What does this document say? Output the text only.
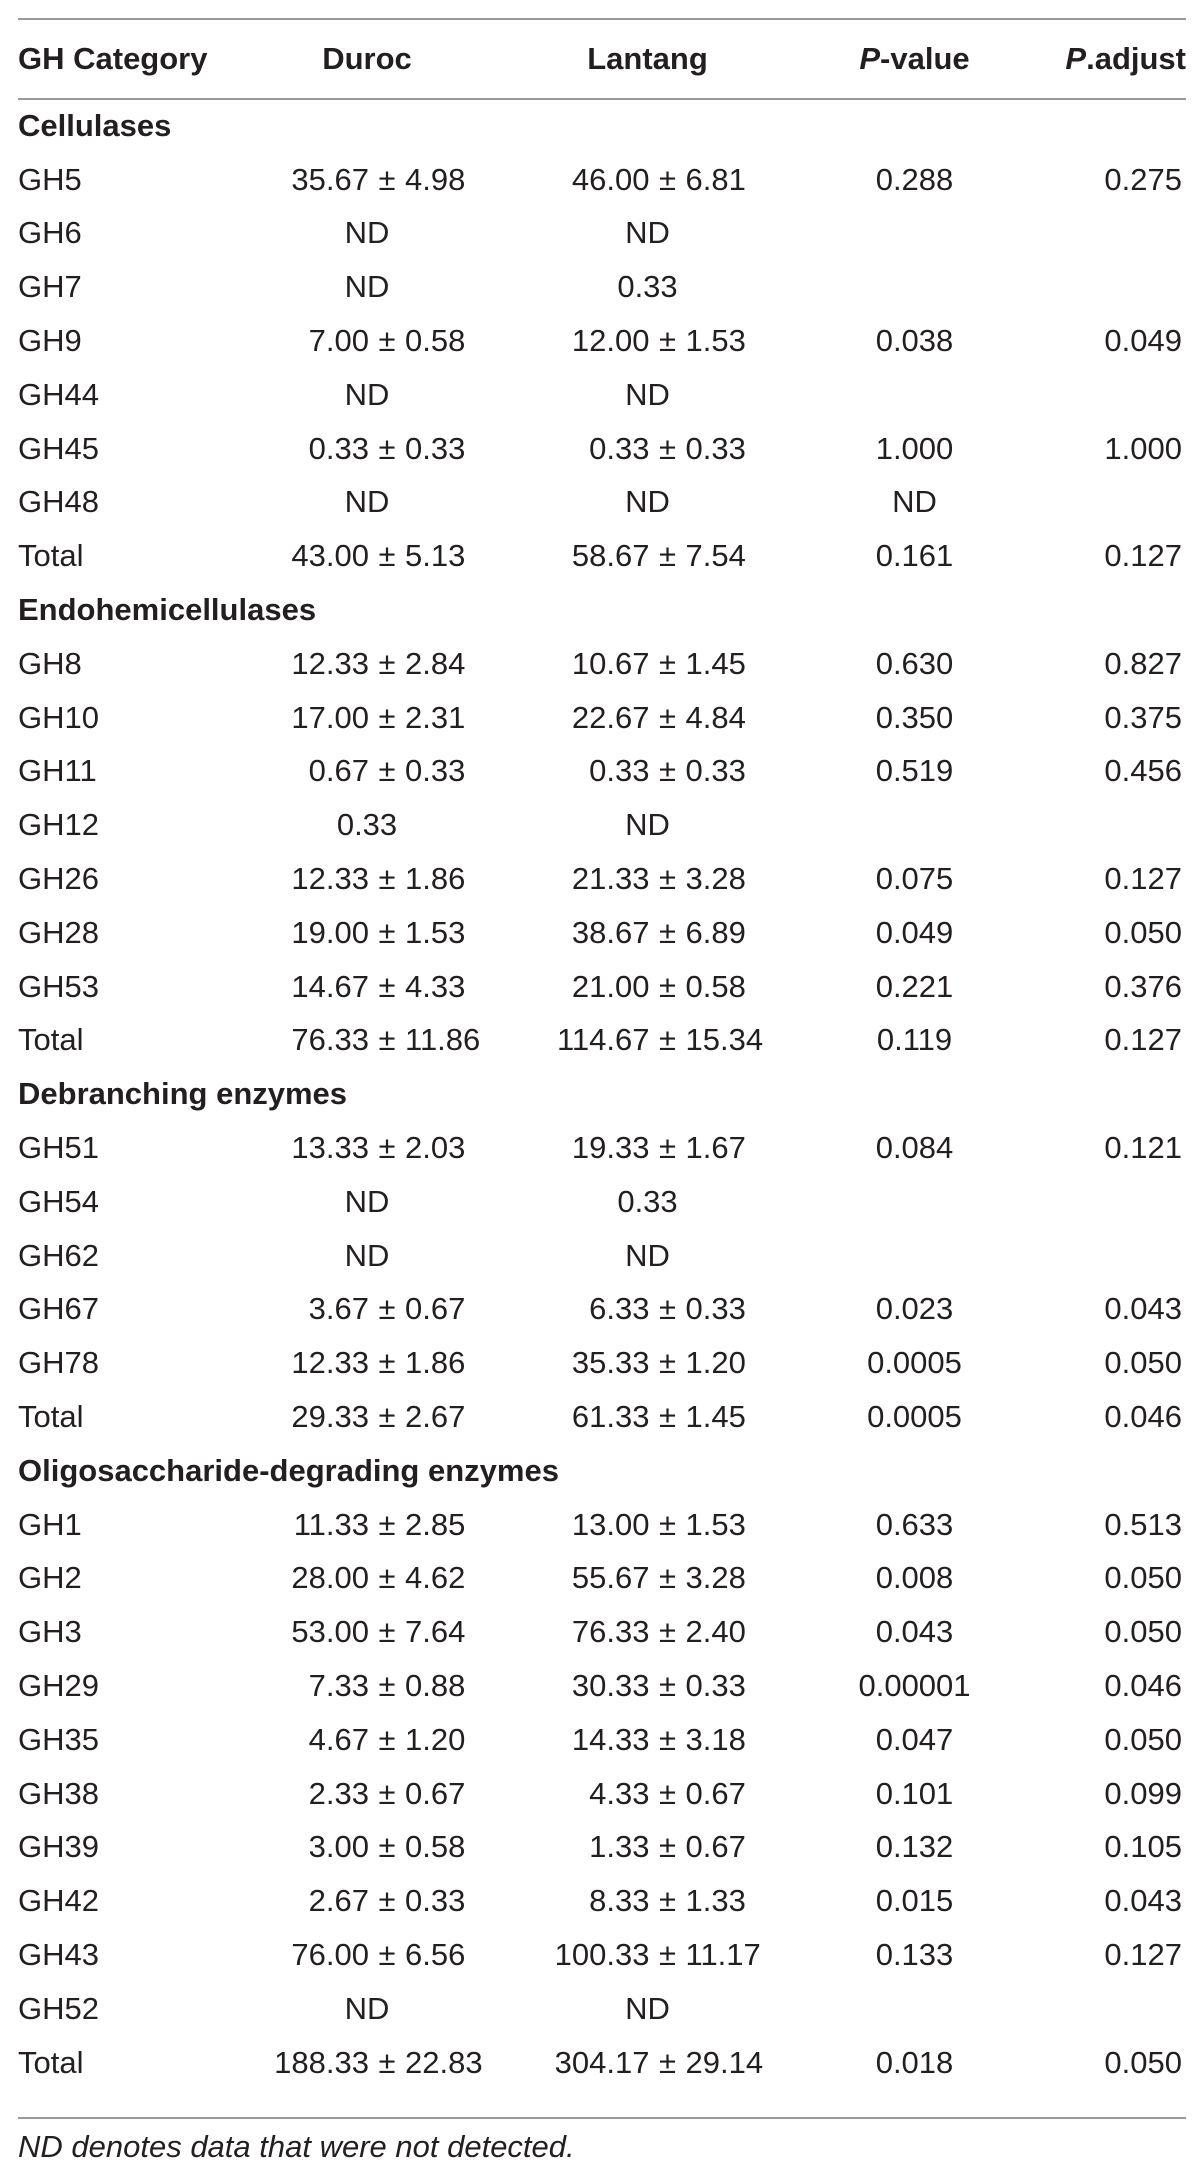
GH Category	Duroc	Lantang	P-value	P.adjust
Cellulases				
GH5	35.67 ± 4.98	46.00 ± 6.81	0.288	0.275
GH6	ND	ND		
GH7	ND	0.33		
GH9	7.00 ± 0.58	12.00 ± 1.53	0.038	0.049
GH44	ND	ND		
GH45	0.33 ± 0.33	0.33 ± 0.33	1.000	1.000
GH48	ND	ND	ND	
Total	43.00 ± 5.13	58.67 ± 7.54	0.161	0.127
Endohemicellulases				
GH8	12.33 ± 2.84	10.67 ± 1.45	0.630	0.827
GH10	17.00 ± 2.31	22.67 ± 4.84	0.350	0.375
GH11	0.67 ± 0.33	0.33 ± 0.33	0.519	0.456
GH12	0.33	ND		
GH26	12.33 ± 1.86	21.33 ± 3.28	0.075	0.127
GH28	19.00 ± 1.53	38.67 ± 6.89	0.049	0.050
GH53	14.67 ± 4.33	21.00 ± 0.58	0.221	0.376
Total	76.33 ± 11.86	114.67 ± 15.34	0.119	0.127
Debranching enzymes				
GH51	13.33 ± 2.03	19.33 ± 1.67	0.084	0.121
GH54	ND	0.33		
GH62	ND	ND		
GH67	3.67 ± 0.67	6.33 ± 0.33	0.023	0.043
GH78	12.33 ± 1.86	35.33 ± 1.20	0.0005	0.050
Total	29.33 ± 2.67	61.33 ± 1.45	0.0005	0.046
Oligosaccharide-degrading enzymes				
GH1	11.33 ± 2.85	13.00 ± 1.53	0.633	0.513
GH2	28.00 ± 4.62	55.67 ± 3.28	0.008	0.050
GH3	53.00 ± 7.64	76.33 ± 2.40	0.043	0.050
GH29	7.33 ± 0.88	30.33 ± 0.33	0.00001	0.046
GH35	4.67 ± 1.20	14.33 ± 3.18	0.047	0.050
GH38	2.33 ± 0.67	4.33 ± 0.67	0.101	0.099
GH39	3.00 ± 0.58	1.33 ± 0.67	0.132	0.105
GH42	2.67 ± 0.33	8.33 ± 1.33	0.015	0.043
GH43	76.00 ± 6.56	100.33 ± 11.17	0.133	0.127
GH52	ND	ND		
Total	188.33 ± 22.83	304.17 ± 29.14	0.018	0.050
ND denotes data that were not detected.
